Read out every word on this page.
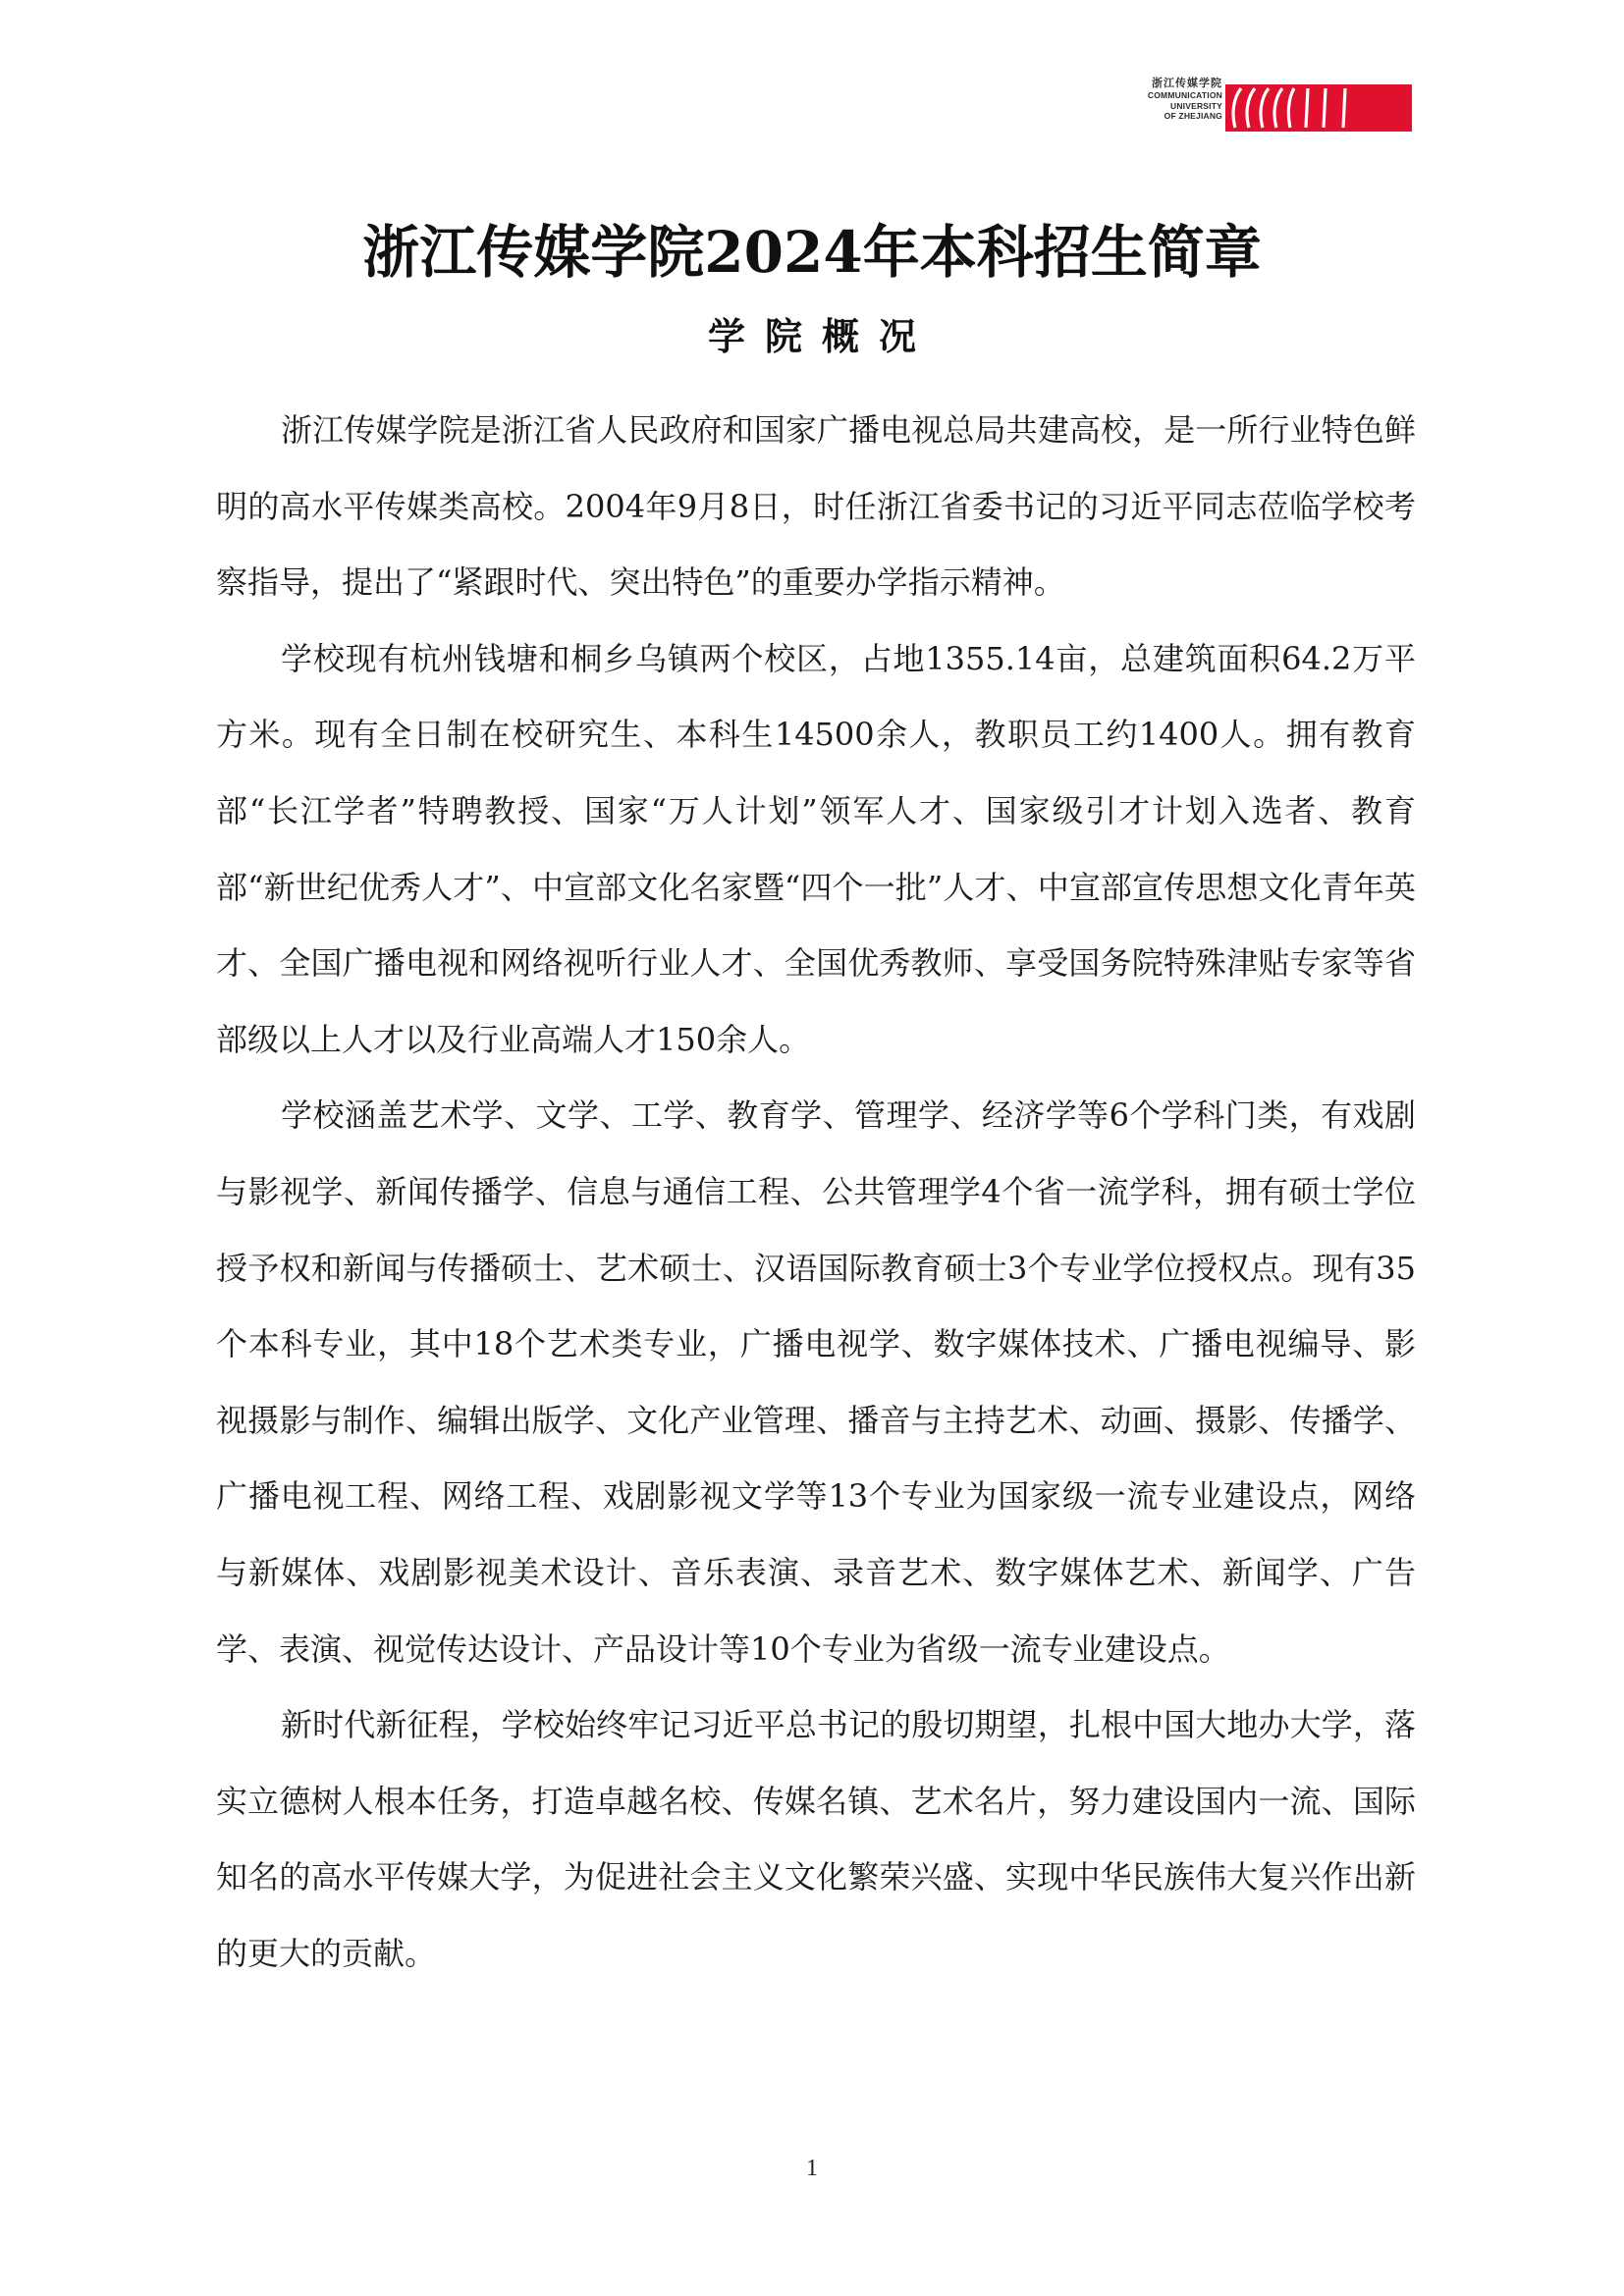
浙江传媒学院
COMMUNICATION
UNIVERSITY
OF ZHEJIANG
浙江传媒学院2024年本科招生简章
学院概况

浙江传媒学院是浙江省人民政府和国家广播电视总局共建高校，是一所行业特色鲜明的高水平传媒类高校。2004年9月8日，时任浙江省委书记的习近平同志莅临学校考察指导，提出了“紧跟时代、突出特色”的重要办学指示精神。

学校现有杭州钱塘和桐乡乌镇两个校区，占地1355.14亩，总建筑面积64.2万平方米。现有全日制在校研究生、本科生14500余人，教职员工约1400人。拥有教育部“长江学者”特聘教授、国家“万人计划”领军人才、国家级引才计划入选者、教育部“新世纪优秀人才”、中宣部文化名家暨“四个一批”人才、中宣部宣传思想文化青年英才、全国广播电视和网络视听行业人才、全国优秀教师、享受国务院特殊津贴专家等省部级以上人才以及行业高端人才150余人。

学校涵盖艺术学、文学、工学、教育学、管理学、经济学等6个学科门类，有戏剧与影视学、新闻传播学、信息与通信工程、公共管理学4个省一流学科，拥有硕士学位授予权和新闻与传播硕士、艺术硕士、汉语国际教育硕士3个专业学位授权点。现有35个本科专业，其中18个艺术类专业，广播电视学、数字媒体技术、广播电视编导、影视摄影与制作、编辑出版学、文化产业管理、播音与主持艺术、动画、摄影、传播学、广播电视工程、网络工程、戏剧影视文学等13个专业为国家级一流专业建设点，网络与新媒体、戏剧影视美术设计、音乐表演、录音艺术、数字媒体艺术、新闻学、广告学、表演、视觉传达设计、产品设计等10个专业为省级一流专业建设点。

新时代新征程，学校始终牢记习近平总书记的殷切期望，扎根中国大地办大学，落实立德树人根本任务，打造卓越名校、传媒名镇、艺术名片，努力建设国内一流、国际知名的高水平传媒大学，为促进社会主义文化繁荣兴盛、实现中华民族伟大复兴作出新的更大的贡献。

1
